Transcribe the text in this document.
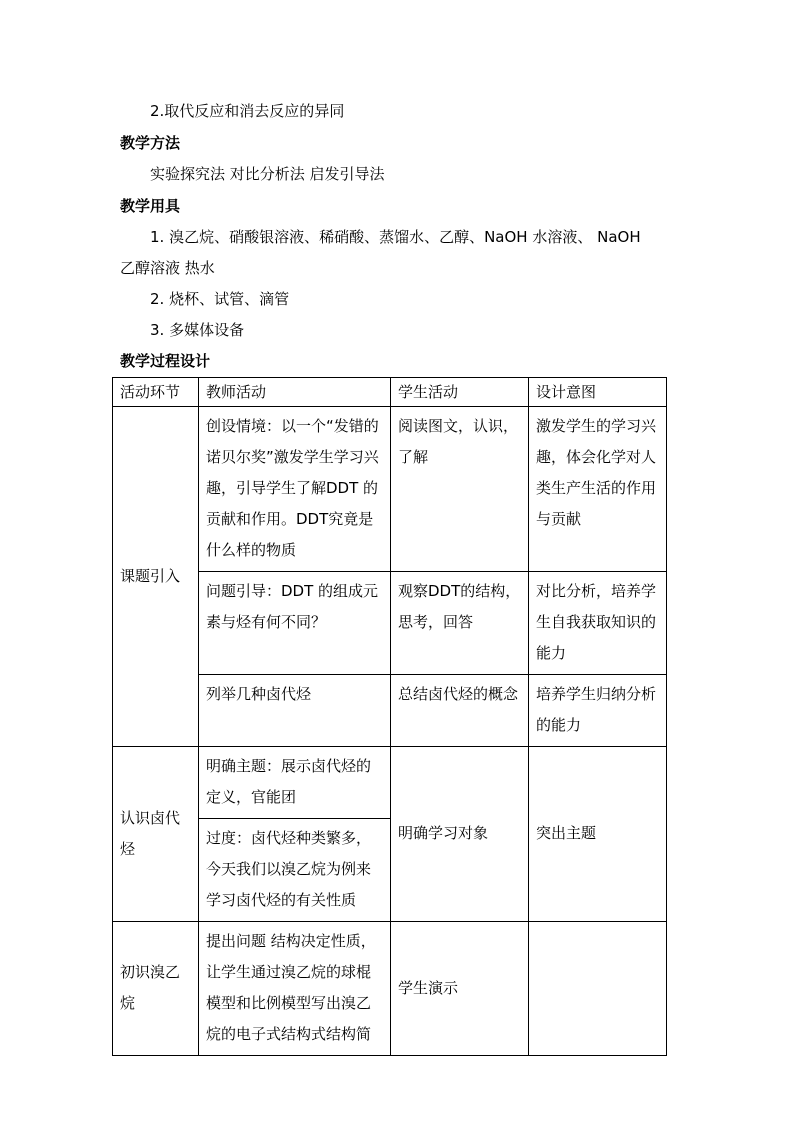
2.取代反应和消去反应的异同
教学方法
实验探究法 对比分析法 启发引导法
教学用具
1. 溴乙烷、硝酸银溶液、稀硝酸、蒸馏水、乙醇、NaOH 水溶液、 NaOH
乙醇溶液 热水
2. 烧杯、试管、滴管
3. 多媒体设备
教学过程设计
活动环节	教师活动	学生活动	设计意图
课题引入	创设情境：以一个“发错的诺贝尔奖”激发学生学习兴趣，引导学生了解DDT 的贡献和作用。DDT究竟是什么样的物质	阅读图文，认识，了解	激发学生的学习兴趣，体会化学对人类生产生活的作用与贡献
	问题引导：DDT 的组成元素与烃有何不同？	观察DDT的结构，思考，回答	对比分析，培养学生自我获取知识的能力
	列举几种卤代烃	总结卤代烃的概念	培养学生归纳分析的能力
认识卤代烃	明确主题：展示卤代烃的定义，官能团	明确学习对象	突出主题
	过度：卤代烃种类繁多，今天我们以溴乙烷为例来学习卤代烃的有关性质		
初识溴乙烷	提出问题 结构决定性质，让学生通过溴乙烷的球棍模型和比例模型写出溴乙烷的电子式结构式结构简	学生演示	
